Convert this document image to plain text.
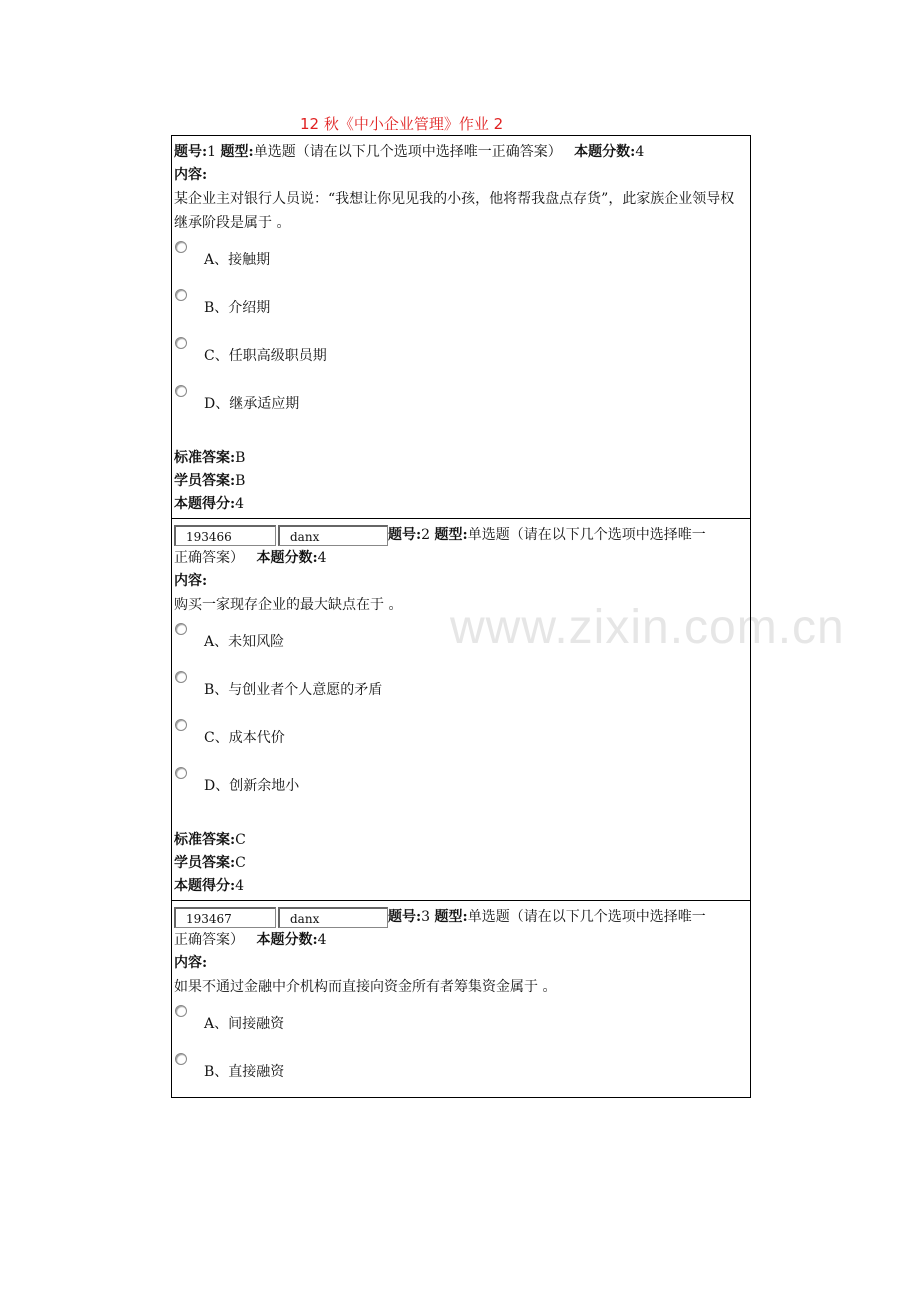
12 秋《中小企业管理》作业 2
www.zixin.com.cn
题号:1 题型:单选题（请在以下几个选项中选择唯一正确答案） 本题分数:4
内容:
某企业主对银行人员说：“我想让你见见我的小孩，他将帮我盘点存货”，此家族企业领导权继承阶段是属于 。
A、接触期
B、介绍期
C、任职高级职员期
D、继承适应期
标准答案:B
学员答案:B
本题得分:4
193466	danx	题号:2 题型:单选题（请在以下几个选项中选择唯一
正确答案） 本题分数:4
内容:
购买一家现存企业的最大缺点在于 。
A、未知风险
B、与创业者个人意愿的矛盾
C、成本代价
D、创新余地小
标准答案:C
学员答案:C
本题得分:4
193467	danx	题号:3 题型:单选题（请在以下几个选项中选择唯一
正确答案） 本题分数:4
内容:
如果不通过金融中介机构而直接向资金所有者筹集资金属于 。
A、间接融资
B、直接融资
